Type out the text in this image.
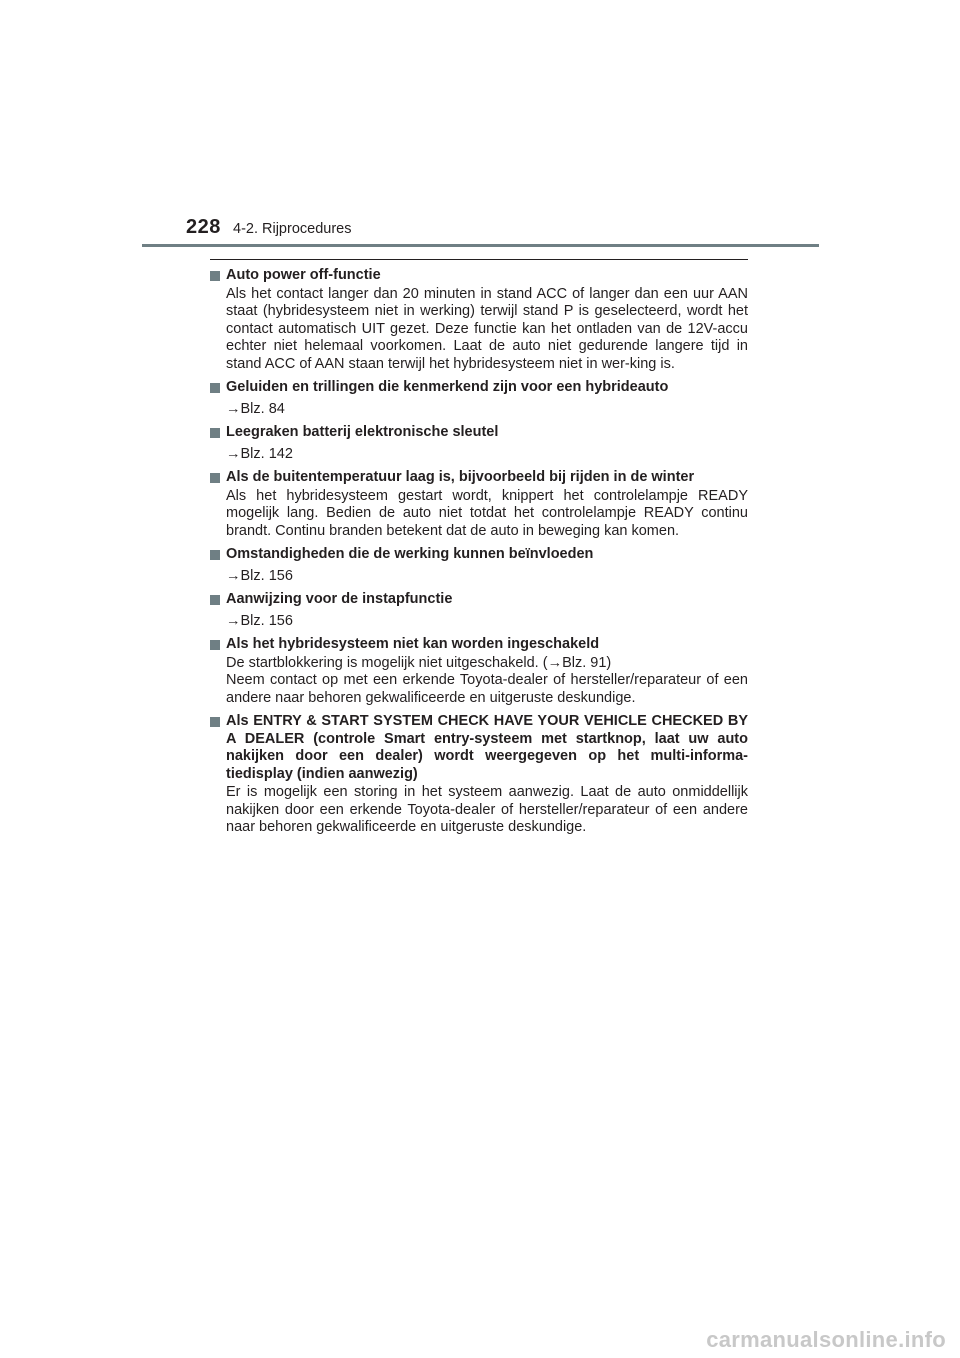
228 4-2. Rijprocedures
Auto power off-functie
Als het contact langer dan 20 minuten in stand ACC of langer dan een uur AAN staat (hybridesysteem niet in werking) terwijl stand P is geselecteerd, wordt het contact automatisch UIT gezet. Deze functie kan het ontladen van de 12V-accu echter niet helemaal voorkomen. Laat de auto niet gedurende langere tijd in stand ACC of AAN staan terwijl het hybridesysteem niet in wer-king is.
Geluiden en trillingen die kenmerkend zijn voor een hybrideauto
→Blz. 84
Leegraken batterij elektronische sleutel
→Blz. 142
Als de buitentemperatuur laag is, bijvoorbeeld bij rijden in de winter
Als het hybridesysteem gestart wordt, knippert het controlelampje READY mogelijk lang. Bedien de auto niet totdat het controlelampje READY continu brandt. Continu branden betekent dat de auto in beweging kan komen.
Omstandigheden die de werking kunnen beïnvloeden
→Blz. 156
Aanwijzing voor de instapfunctie
→Blz. 156
Als het hybridesysteem niet kan worden ingeschakeld

De startblokkering is mogelijk niet uitgeschakeld. (→Blz. 91)

Neem contact op met een erkende Toyota-dealer of hersteller/reparateur of een andere naar behoren gekwalificeerde en uitgeruste deskundige.

Als ENTRY & START SYSTEM CHECK HAVE YOUR VEHICLE CHECKED BY A DEALER (controle Smart entry-systeem met startknop, laat uw auto nakijken door een dealer) wordt weergegeven op het multi-informa-tiedisplay (indien aanwezig)
Er is mogelijk een storing in het systeem aanwezig. Laat de auto onmiddellijk nakijken door een erkende Toyota-dealer of hersteller/reparateur of een andere naar behoren gekwalificeerde en uitgeruste deskundige.
carmanualsonline.info
